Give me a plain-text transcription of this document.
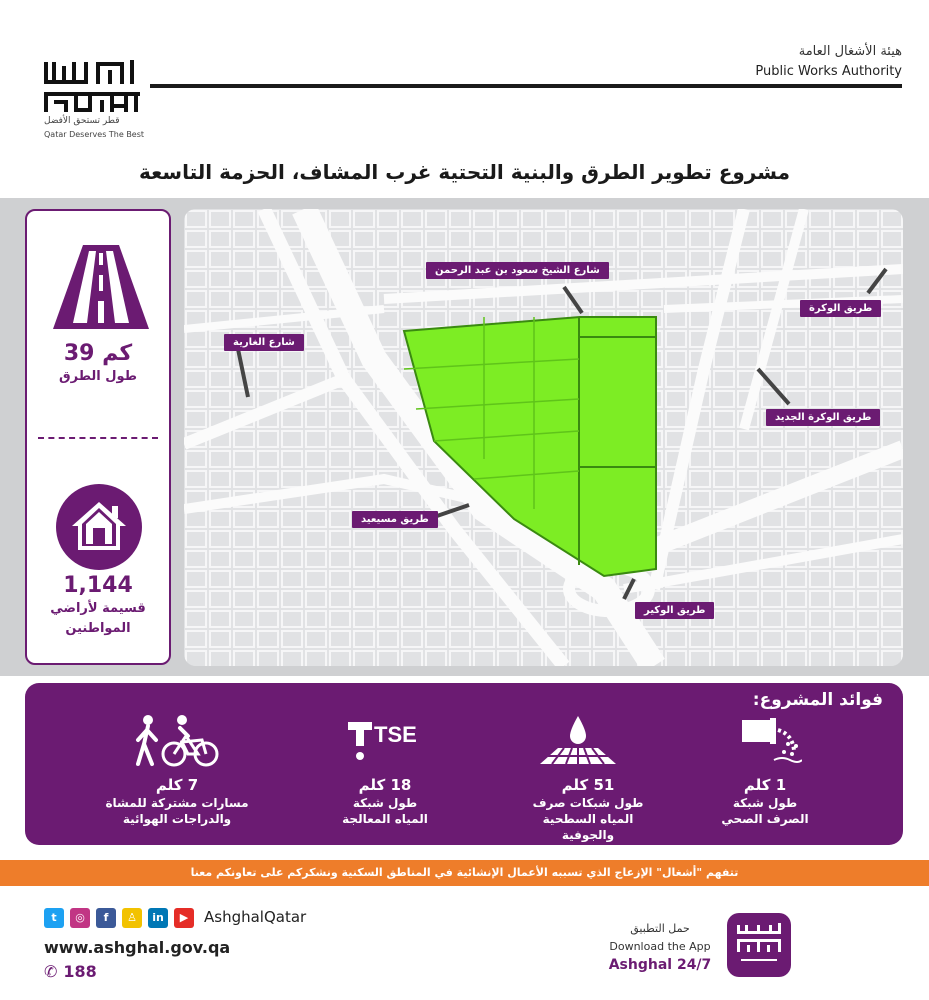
هيئة الأشغال العامة
Public Works Authority
قطر تستحق الأفضل
Qatar Deserves The Best
مشروع تطوير الطرق والبنية التحتية غرب المشاف، الحزمة التاسعة
39 كم
طول الطرق
1,144
قسيمة لأراضي
المواطنين
شارع الشيخ سعود بن عبد الرحمن
شارع الغارية
طريق الوكرة
طريق الوكرة الجديد
طريق مسيعيد
طريق الوكير
فوائد المشروع:
1 كلم
طول شبكة
الصرف الصحي
51 كلم
طول شبكات صرف
المياه السطحية
والجوفية
TSE
18 كلم
طول شبكة
المياه المعالجة
7 كلم
مسارات مشتركة للمشاة
والدراجات الهوائية
تتفهم "أشغال" الإزعاج الذي تسببه الأعمال الإنشائية في المناطق السكنية ونشكركم على تعاونكم معنا
t	◎	f	♙	in	▶	AshghalQatar
www.ashghal.gov.qa
✆ 188
حمل التطبيق
Download the App
Ashghal 24/7
